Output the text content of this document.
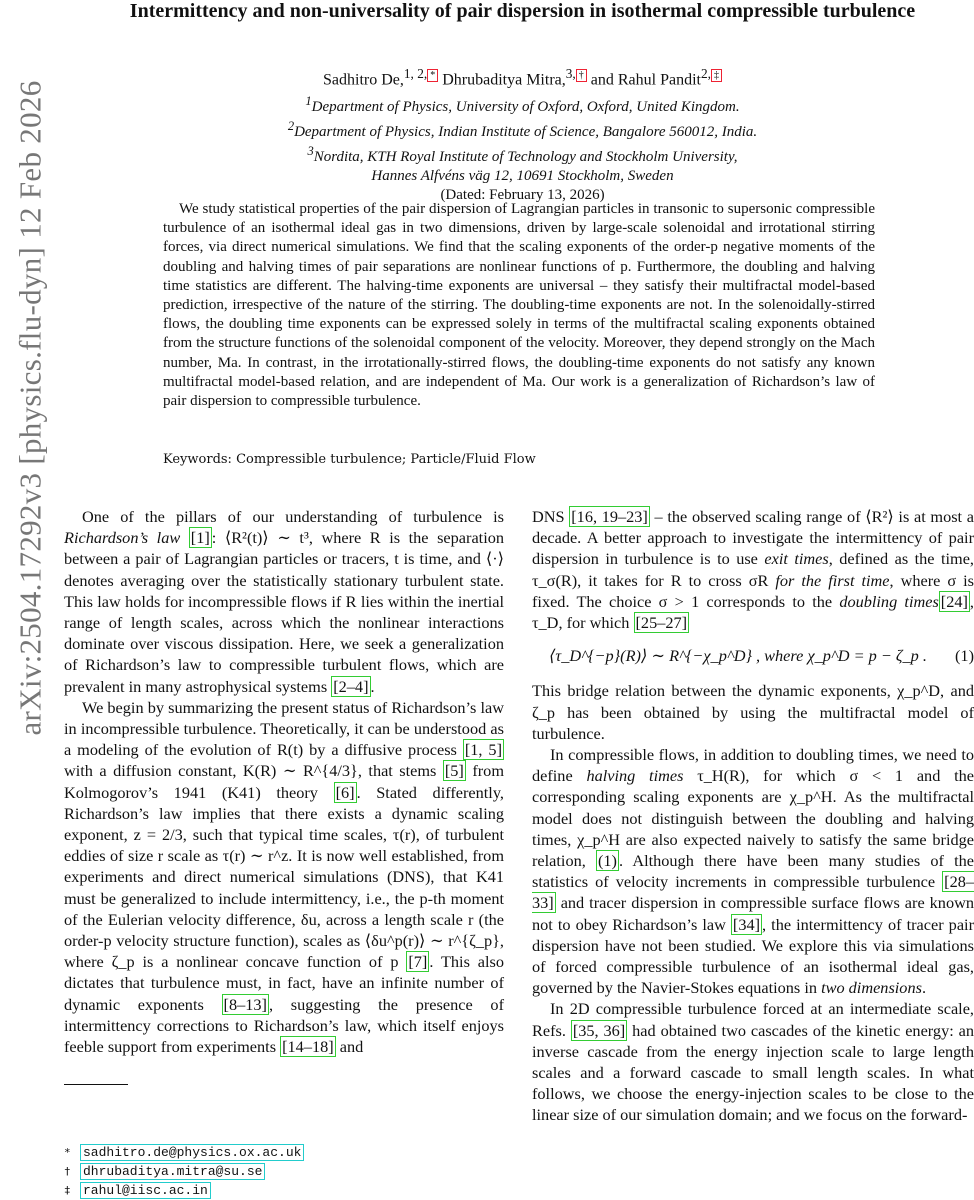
arXiv:2504.17292v3 [physics.flu-dyn] 12 Feb 2026
Intermittency and non-universality of pair dispersion in isothermal compressible turbulence
Sadhitro De,$^{1, 2,}$ * Dhrubaditya Mitra,$^{3,}$ † and Rahul Pandit$^{2,}$ ‡
$^1$Department of Physics, University of Oxford, Oxford, United Kingdom.
$^2$Department of Physics, Indian Institute of Science, Bangalore 560012, India.
$^3$Nordita, KTH Royal Institute of Technology and Stockholm University,
Hannes Alfvéns väg 12, 10691 Stockholm, Sweden
(Dated: February 13, 2026)

We study statistical properties of the pair dispersion of Lagrangian particles in transonic to supersonic compressible turbulence of an isothermal ideal gas in two dimensions, driven by large-scale solenoidal and irrotational stirring forces, via direct numerical simulations. We find that the scaling exponents of the order-p negative moments of the doubling and halving times of pair separations are nonlinear functions of p. Furthermore, the doubling and halving time statistics are different. The halving-time exponents are universal – they satisfy their multifractal model-based prediction, irrespective of the nature of the stirring. The doubling-time exponents are not. In the solenoidally-stirred flows, the doubling time exponents can be expressed solely in terms of the multifractal scaling exponents obtained from the structure functions of the solenoidal component of the velocity. Moreover, they depend strongly on the Mach number, Ma. In contrast, in the irrotationally-stirred flows, the doubling-time exponents do not satisfy any known multifractal model-based relation, and are independent of Ma. Our work is a generalization of Richardson’s law of pair dispersion to compressible turbulence.

Keywords: Compressible turbulence; Particle/Fluid Flow

One of the pillars of our understanding of turbulence is Richardson’s law [1] : ⟨R²(t)⟩ ∼ t³, where R is the separation between a pair of Lagrangian particles or tracers, t is time, and ⟨·⟩ denotes averaging over the statistically stationary turbulent state. This law holds for incompressible flows if R lies within the inertial range of length scales, across which the nonlinear interactions dominate over viscous dissipation. Here, we seek a generalization of Richardson’s law to compressible turbulent flows, which are prevalent in many astrophysical systems [2–4] .

We begin by summarizing the present status of Richardson’s law in incompressible turbulence. Theoretically, it can be understood as a modeling of the evolution of R(t) by a diffusive process [1, 5] with a diffusion constant, K(R) ∼ R^{4/3}, that stems [5] from Kolmogorov’s 1941 (K41) theory [6] . Stated differently, Richardson’s law implies that there exists a dynamic scaling exponent, z = 2/3, such that typical time scales, τ(r), of turbulent eddies of size r scale as τ(r) ∼ r^z. It is now well established, from experiments and direct numerical simulations (DNS), that K41 must be generalized to include intermittency, i.e., the p-th moment of the Eulerian velocity difference, δu, across a length scale r (the order-p velocity structure function), scales as ⟨δu^p(r)⟩ ∼ r^{ζ_p}, where ζ_p is a nonlinear concave function of p [7] . This also dictates that turbulence must, in fact, have an infinite number of dynamic exponents [8–13] , suggesting the presence of intermittency corrections to Richardson’s law, which itself enjoys feeble support from experiments [14–18] and

DNS [16, 19–23] – the observed scaling range of ⟨R²⟩ is at most a decade. A better approach to investigate the intermittency of pair dispersion in turbulence is to use exit times, defined as the time, τ_σ(R), it takes for R to cross σR for the first time, where σ is fixed. The choice σ > 1 corresponds to the doubling times [24] , τ_D, for which [25–27]

⟨τ_D^{−p}(R)⟩ ∼ R^{−χ_p^D} , where χ_p^D = p − ζ_p .	(1)

This bridge relation between the dynamic exponents, χ_p^D, and ζ_p has been obtained by using the multifractal model of turbulence.

In compressible flows, in addition to doubling times, we need to define halving times τ_H(R), for which σ < 1 and the corresponding scaling exponents are χ_p^H. As the multifractal model does not distinguish between the doubling and halving times, χ_p^H are also expected naively to satisfy the same bridge relation, (1) . Although there have been many studies of the statistics of velocity increments in compressible turbulence [28–33] and tracer dispersion in compressible surface flows are known not to obey Richardson’s law [34] , the intermittency of tracer pair dispersion have not been studied. We explore this via simulations of forced compressible turbulence of an isothermal ideal gas, governed by the Navier-Stokes equations in two dimensions.

In 2D compressible turbulence forced at an intermediate scale, Refs. [35, 36] had obtained two cascades of the kinetic energy: an inverse cascade from the energy injection scale to large length scales and a forward cascade to small length scales. In what follows, we choose the energy-injection scales to be close to the linear size of our simulation domain; and we focus on the forward-

* sadhitro.de@physics.ox.ac.uk
† dhrubaditya.mitra@su.se
‡ rahul@iisc.ac.in
